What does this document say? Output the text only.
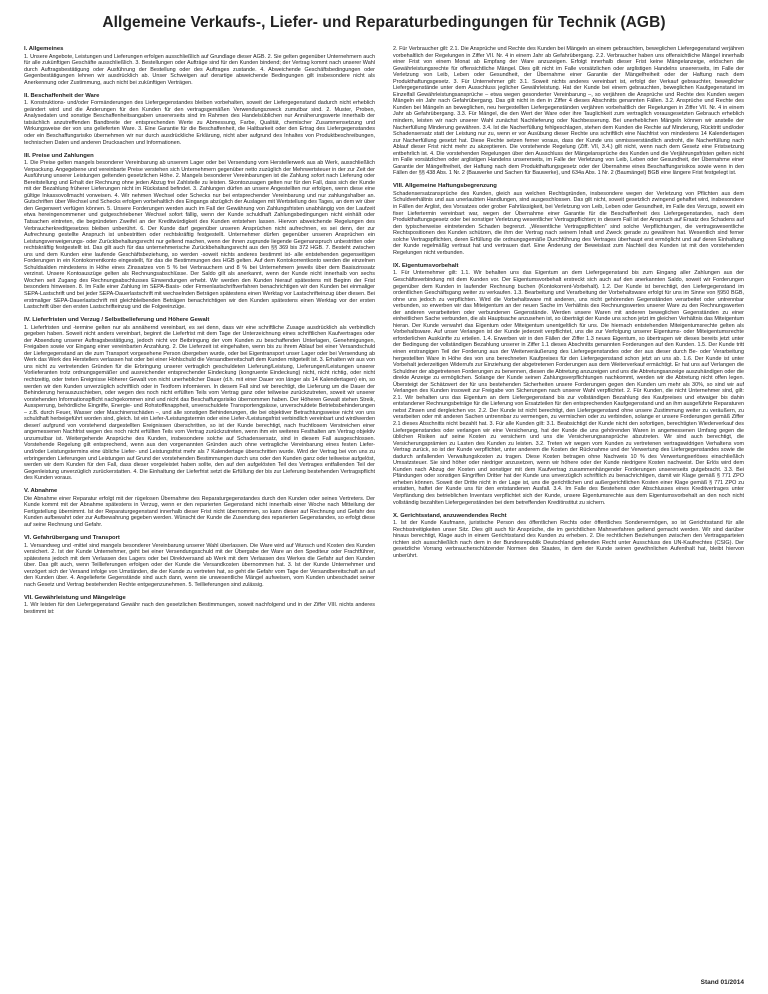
Allgemeine Verkaufs-, Liefer- und Reparaturbedingungen für Technik (AGB)
I. Allgemeines

1. Unsere Angebote, Leistungen und Lieferungen erfolgen ausschließlich auf Grundlage dieser AGB. 2. Sie gelten gegenüber Unternehmern auch für alle zukünftigen Geschäfte ausschließlich. 3. Bestellungen oder Aufträge sind für den Kunden bindend; der Vertrag kommt nach unserer Wahl durch Auftragsbestätigung oder Ausführung der Bestellung oder des Auftrages zustande. 4. Abweichende Geschäftsbedingungen oder Gegenbestätigungen lehnen wir ausdrücklich ab. Unser Schweigen auf derartige abweichende Bedingungen gilt insbesondere nicht als Anerkennung oder Zustimmung, auch nicht bei zukünftigen Verträgen.

II. Beschaffenheit der Ware

1. Konstruktions- und/oder Formänderungen des Liefergegenstandes bleiben vorbehalten, soweit der Liefergegenstand dadurch nicht erheblich geändert wird und die Änderungen für den Kunden für den vertragsgemäßen Verwendungszweck zumutbar sind. 2. Muster, Proben, Analysedaten und sonstige Beschaffenheitsangaben unsererseits sind im Rahmen des Handelsüblichen nur Annäherungswerte innerhalb der tatsächlich anzutreffenden Bandbreite der entsprechenden Werte zu Abmessung, Farbe, Qualität, chemischer Zusammensetzung und Wirkungsweise der von uns gelieferten Ware. 3. Eine Garantie für die Beschaffenheit, die Haltbarkeit oder den Ertrag des Liefergegenstandes oder ein Beschaffungsrisiko übernehmen wir nur durch ausdrückliche Erklärung, nicht aber aufgrund des Inhaltes von Produktbeschreibungen, technischen Daten und anderen Drucksachen und Informationen.

III. Preise und Zahlungen

1. Die Preise gelten mangels besonderer Vereinbarung ab unserem Lager oder bei Versendung vom Herstellerwerk aus ab Werk, ausschließlich Verpackung. Angegebene und vereinbarte Preise verstehen sich Unternehmern gegenüber netto zuzüglich der Mehrwertsteuer in der zur Zeit der Ausführung unserer Leistungen geltenden gesetzlichen Höhe. 2. Mangels besonderer Vereinbarungen ist die Zahlung sofort nach Lieferung oder Bereitstellung und Erhalt der Rechnung ohne jeden Abzug frei Zahlstelle zu leisten. Skontozusagen gelten nur für den Fall, dass sich der Kunde mit der Bezahlung früherer Lieferungen nicht im Rückstand befindet. 3. Zahlungen dürfen an unsere Angestellten nur erfolgen, wenn diese eine gültige Inkassovollmacht vorweisen. 4. Wir nehmen Wechsel oder Schecks nur bei entsprechender Vereinbarung und nur zahlungshalber an. Gutschriften über Wechsel und Schecks erfolgen vorbehaltlich des Eingangs abzüglich der Auslagen mit Wertstellung des Tages, an dem wir über den Gegenwert verfügen können. 5. Unsere Forderungen werden auch im Fall der Gewährung von Zahlungsfristen unabhängig von der Laufzeit etwa hereingenommener und gutgeschriebener Wechsel sofort fällig, wenn der Kunde schuldhaft Zahlungsbedingungen nicht einhält oder Tatsachen eintreten, die begründeten Zweifel an der Kreditwürdigkeit des Kunden entstehen lassen. Hiervon abweichende Regelungen des Verbraucherkreditgesetzes bleiben unberührt. 6. Der Kunde darf gegenüber unseren Ansprüchen nicht aufrechnen, es sei denn, der zur Aufrechnung gestellte Anspruch ist unbestritten oder rechtskräftig festgestellt. Unternehmer dürfen gegenüber unseren Ansprüchen ein Leistungsverweigerungs- oder Zurückbehaltungsrecht nur geltend machen, wenn der ihnen zugrunde liegende Gegenanspruch unbestritten oder rechtskräftig festgestellt ist. Das gilt auch für das unternehmerische Zurückbehaltungsrecht aus den §§ 369 bis 372 HGB. 7. Besteht zwischen uns und dem Kunden eine laufende Geschäftsbeziehung, so werden -soweit nichts anderes bestimmt ist- alle entstehenden gegenseitigen Forderungen in ein Kontokorrentkonto eingestellt, für das die Bestimmungen des HGB gelten. Auf dem Kontokorrentkonto werden die einzelnen Schuldsalden mindestens in Höhe eines Zinssatzes von 5 % bei Verbrauchern und 8 % bei Unternehmern jeweils über dem Basiszinssatz verzinst. Unsere Kontoauszüge gelten als Rechnungsabschlüsse. Der Saldo gilt als anerkannt, wenn der Kunde nicht innerhalb von sechs Wochen seit Zugang des Rechnungsabschlusses Einwendungen erhebt. Wir werden den Kunden hierauf spätestens mit Beginn der Frist besonders hinweisen. 8. Im Falle einer Zahlung im SEPA-Basis- oder Firmenlastschriftverfahren benachrichtigen wir den Kunden bei einmaliger SEPA-Lastschrift und bei jeder SEPA-Dauerlastschrift mit wechselnden Beträgen spätestens einen Werktag vor Lastschrifteinzug über diesen. Bei erstmaliger SEPA-Dauerlastschrift mit gleichbleibenden Beträgen benachrichtigen wir den Kunden spätestens einen Werktag vor der ersten Lastschrift über den ersten Lastschrifteinzug und die Folgeeinzüge.

IV. Lieferfristen und Verzug / Selbstbelieferung und Höhere Gewalt

1. Lieferfristen und -termine gelten nur als annähernd vereinbart, es sei denn, dass wir eine schriftliche Zusage ausdrücklich als verbindlich gegeben haben. Soweit nicht anders vereinbart, beginnt die Lieferfrist mit dem Tage der Unterzeichnung eines schriftlichen Kaufvertrages oder der Absendung unserer Auftragsbestätigung, jedoch nicht vor Beibringung der vom Kunden zu beschaffenden Unterlagen, Genehmigungen, Freigaben sowie vor Eingang einer vereinbarten Anzahlung. 2. Die Lieferzeit ist eingehalten, wenn bis zu ihrem Ablauf bei einer Versandschuld der Liefergegenstand an die zum Transport vorgesehene Person übergeben wurde, oder bei Eigentransport unser Lager oder bei Versendung ab Werk das Werk des Herstellers verlassen hat oder bei einer Hohlschuld die Versandbereitschaft dem Kunden mitgeteilt ist. 3. Erhalten wir aus von uns nicht zu vertretenden Gründen für die Erbringung unserer vertraglich geschuldeten Lieferung/Leistung, Lieferungen/Leistungen unserer Vorlieferanten trotz ordnungsgemäßer und ausreichender entsprechender Eindeckung (kongruente Eindeckung) nicht, nicht richtig, oder nicht rechtzeitig, oder treten Ereignisse Höherer Gewalt von nicht unerheblicher Dauer (d.h. mit einer Dauer von länger als 14 Kalendertagen) ein, so werden wir den Kunden unverzüglich schriftlich oder in Textform informieren. In diesem Fall sind wir berechtigt, die Lieferung um die Dauer der Behinderung herauszuschieben, oder wegen des noch nicht erfüllten Teils vom Vertrag ganz oder teilweise zurückzutreten, soweit wir unserer vorstehenden Informationspflicht nachgekommen sind und nicht das Beschaffungsrisiko übernommen haben. Der Höheren Gewalt stehen Streik, Aussperrung, behördliche Eingriffe, Energie- und Rohstoffknappheit, unverschuldete Transportengpässe, unverschuldete Betriebsbehinderungen – z.B. durch Feuer, Wasser oder Maschinenschäden –, und alle sonstigen Behinderungen, die bei objektiver Betrachtungsweise nicht von uns schuldhaft herbeigeführt worden sind, gleich. Ist ein Liefer-/Leistungstermin oder eine Liefer-/Leistungsfrist verbindlich vereinbart und wird/werden dieser/ aufgrund von vorstehend dargestellten Ereignissen überschritten, so ist der Kunde berechtigt, nach fruchtlosem Verstreichen einer angemessenen Nachfrist wegen des noch nicht erfüllten Teils vom Vertrag zurückzutreten, wenn ihm ein weiteres Festhalten am Vertrag objektiv unzumutbar ist. Weitergehende Ansprüche des Kunden, insbesondere solche auf Schadensersatz, sind in diesem Fall ausgeschlossen. Vorstehende Regelung gilt entsprechend, wenn aus den vorgenannten Gründen auch ohne vertragliche Vereinbarung eines festen Liefer- und/oder Leistungstermins eine übliche Liefer- und Leistungsfrist mehr als 7 Kalendertage überschritten wurde. Wird der Vertrag bei von uns zu erbringenden Lieferungen und Leistungen auf Grund der vorstehenden Bestimmungen durch uns oder den Kunden ganz oder teilweise aufgelöst, werden wir dem Kunden für den Fall, dass dieser vorgeleistet haben sollte, den auf den aufgelösten Teil des Vertrages entfallenden Teil der Gegenleistung unverzüglich zurückerstatten. 4. Die Einhaltung der Lieferfrist setzt die Erfüllung der bis zur Lieferung bestehenden Vertragspflicht des Kunden voraus.

V. Abnahme

Die Abnahme einer Reparatur erfolgt mit der rügelosen Übernahme des Reparaturgegenstandes durch den Kunden oder seines Vertreters. Der Kunde kommt mit der Abnahme spätestens in Verzug, wenn er den reparierten Gegenstand nicht innerhalb einer Woche nach Mitteilung der Fertigstellung übernimmt. Ist der Reparaturgegenstand innerhalb dieser Frist nicht übernommen, so kann dieser auf Rechnung und Gefahr des Kunden aufbewahrt oder zur Aufbewahrung gegeben werden. Wünscht der Kunde die Zusendung des reparierten Gegenstandes, so erfolgt diese auf seine Rechnung und Gefahr.

VI. Gefahrübergang und Transport

1. Versandweg und -mittel sind mangels besonderer Vereinbarung unserer Wahl überlassen. Die Ware wird auf Wunsch und Kosten des Kunden versichert. 2. Ist der Kunde Unternehmer, geht bei einer Versendungsschuld mit der Übergabe der Ware an den Spediteur oder Frachtführer, spätestens jedoch mit dem Verlassen des Lagers oder bei Direktversand ab Werk mit dem Verlassen des Werkes die Gefahr auf den Kunden über. Das gilt auch, wenn Teillieferungen erfolgen oder der Kunde die Versandkosten übernommen hat. 3. Ist der Kunde Unternehmer und verzögert sich der Versand infolge von Umständen, die der Kunde zu vertreten hat, so geht die Gefahr vom Tage der Versandbereitschaft an auf den Kunden über. 4. Angelieferte Gegenstände sind auch dann, wenn sie unwesentliche Mängel aufweisen, vom Kunden unbeschadet seiner nach Gesetz und Vertrag bestehenden Rechte entgegenzunehmen. 5. Teillieferungen sind zulässig.

VII. Gewährleistung und Mängelrüge

1. Wir leisten für den Liefergegenstand Gewähr nach den gesetzlichen Bestimmungen, soweit nachfolgend und in der Ziffer VIII. nichts anderes bestimmt ist:

2. Für Verbraucher gilt: 2.1. Die Ansprüche und Rechte des Kunden bei Mängeln an einem gebrauchten, beweglichen Liefergegenstand verjähren vorbehaltlich der Regelungen in Ziffer VII. Nr. 4 in einem Jahr ab Gefahrübergang. 2.2. Verbraucher haben uns offensichtliche Mängel innerhalb einer Frist von einem Monat ab Empfang der Ware anzuzeigen. Erfolgt innerhalb dieser Frist keine Mängelanzeige, erlöschen die Gewährleistungsrechte für offensichtliche Mängel. Dies gilt nicht im Falle vorsätzlichen oder arglistigen Handelns unsererseits, im Falle der Verletzung von Leib, Leben oder Gesundheit, der Übernahme einer Garantie der Mängelfreiheit oder der Haftung nach dem Produkthaftungsgesetz. 3. Für Unternehmer gilt: 3.1. Soweit nichts anderes vereinbart ist, erfolgt der Verkauf gebrauchter, beweglicher Liefergegenstände unter dem Ausschluss jeglicher Gewährleistung. Hat der Kunde bei einem gebrauchten, beweglichen Kaufgegenstand im Einzelfall Gewährleistungsansprüche – etwa wegen gesonderter Vereinbarung –, so verjähren die Ansprüche und Rechte des Kunden wegen Mängeln ein Jahr nach Gefahrübergang. Das gilt nicht in den in Ziffer 4 dieses Abschnitts genannten Fällen. 3.2. Ansprüche und Rechte des Kunden bei Mängeln an beweglichen, neu hergestellten Liefergegenständen verjähren vorbehaltlich der Regelungen in Ziffer VII. Nr. 4 in einem Jahr ab Gefahrübergang. 3.3. Für Mängel, die den Wert der Ware oder ihre Tauglichkeit zum vertraglich vorausgesetzten Gebrauch erheblich mindern, leisten wir nach unserer Wahl zunächst Nachlieferung oder Nachbesserung. Bei unerheblichen Mängeln können wir anstelle der Nacherfüllung Minderung gewähren. 3.4. Ist die Nacherfüllung fehlgeschlagen, stehen dem Kunden die Rechte auf Minderung, Rücktritt und/oder Schadensersatz statt der Leistung nur zu, wenn er vor Ausübung dieser Rechte uns schriftlich eine Nachfrist von mindestens 14 Kalendertagen zur Nacherfüllung gesetzt hat. Diese Rechte setzen ferner voraus, dass der Kunde uns unmissverständlich androht, die Nacherfüllung nach Ablauf dieser Frist nicht mehr zu akzeptieren. Die vorstehende Regelung (Ziff. VII, 3.4.) gilt nicht, wenn nach dem Gesetz eine Fristsetzung entbehrlich ist. 4. Die vorstehenden Regelungen über den Ausschluss der Mängelansprüche des Kunden und die Verjährungsfristen gelten nicht im Falle vorsätzlichen oder arglistigen Handelns unsererseits, im Falle der Verletzung von Leib, Leben oder Gesundheit, der Übernahme einer Garantie der Mängelfreiheit, der Haftung nach dem Produkthaftungsgesetz oder der Übernahme eines Beschaffungsrisikos sowie wenn in den Fällen der §§ 438 Abs. 1 Nr. 2 (Bauwerke und Sachen für Bauwerke), und 634a Abs. 1 Nr. 2 (Baumängel) BGB eine längere Frist festgelegt ist.

VIII. Allgemeine Haftungsbegrenzung

Schadensersatzansprüche des Kunden, gleich aus welchen Rechtsgründen, insbesondere wegen der Verletzung von Pflichten aus dem Schuldverhältnis und aus unerlaubten Handlungen, sind ausgeschlossen. Das gilt nicht, soweit gesetzlich zwingend gehaftet wird, insbesondere in Fällen der Arglist, des Vorsatzes oder grober Fahrlässigkeit, bei Verletzung von Leib, Leben oder Gesundheit, im Falle des Verzugs, soweit ein fixer Liefertermin vereinbart war, wegen der Übernahme einer Garantie für die Beschaffenheit des Liefergegenstandes, nach dem Produkthaftungsgesetz oder bei sonstiger Verletzung wesentlicher Vertragspflichten; in diesem Fall ist der Anspruch auf Ersatz des Schadens auf den typischerweise eintretenden Schaden begrenzt. „Wesentliche Vertragspflichten“ sind solche Verpflichtungen, die vertragswesentliche Rechtspositionen des Kunden schützen, die ihm der Vertrag nach seinem Inhalt und Zweck gerade zu gewähren hat. Wesentlich sind ferner solche Vertragspflichten, deren Erfüllung die ordnungsgemäße Durchführung des Vertrages überhaupt erst ermöglicht und auf deren Einhaltung der Kunde regelmäßig vertraut hat und vertrauen darf. Eine Änderung der Beweislast zum Nachteil des Kunden ist mit den vorstehenden Regelungen nicht verbunden.

IX. Eigentumsvorbehalt

1. Für Unternehmer gilt: 1.1. Wir behalten uns das Eigentum an dem Liefergegenstand bis zum Eingang aller Zahlungen aus der Geschäftsverbindung mit dem Kunden vor. Der Eigentumsvorbehalt erstreckt sich auch auf den anerkannten Saldo, soweit wir Forderungen gegenüber dem Kunden in laufender Rechnung buchen (Kontokorrent-Vorbehalt). 1.2. Der Kunde ist berechtigt, den Liefergegenstand im ordentlichen Geschäftsgang weiter zu verkaufen. 1.3. Bearbeitung und Verarbeitung der Vorbehaltsware erfolgt für uns im Sinne von §950 BGB, ohne uns jedoch zu verpflichten. Wird die Vorbehaltsware mit anderen, uns nicht gehörenden Gegenständen verarbeitet oder untrennbar verbunden, so erwerben wir das Miteigentum an der neuen Sache im Verhältnis des Rechnungswertes unserer Ware zu den Rechnungswerten der anderen verarbeiteten oder verbundenen Gegenstände. Werden unsere Waren mit anderen beweglichen Gegenständen zu einer einheitlichen Sache verbunden, die als Hauptsache anzusehen ist, so überträgt der Kunde uns schon jetzt im gleichen Verhältnis das Miteigentum hieran. Der Kunde verwahrt das Eigentum oder Miteigentum unentgeltlich für uns. Die hiernach entstehenden Miteigentumsrechte gelten als Vorbehaltsware. Auf unser Verlangen ist der Kunde jederzeit verpflichtet, uns die zur Verfolgung unserer Eigentums- oder Miteigentumsrechte erforderlichen Auskünfte zu erteilen. 1.4. Erwerben wir in den Fällen der Ziffer 1.3 neues Eigentum, so übertragen wir dieses bereits jetzt unter der Bedingung der vollständigen Bezahlung unserer in Ziffer 1.1 dieses Abschnitts genannten Forderungen auf den Kunden. 1.5. Der Kunde tritt einen erstrangigen Teil der Forderung aus der Weiterveräußerung des Liefergegenstandes oder der aus dieser durch Be- oder Verarbeitung hergestellten Ware in Höhe des von uns berechneten Kaufpreises für den Liefergegenstand schon jetzt an uns ab. 1.6. Der Kunde ist unter Vorbehalt jederzeitigen Widerrufs zur Einziehung der abgetretenen Forderungen aus dem Weiterverkauf ermächtigt. Er hat uns auf Verlangen die Schuldner der abgetretenen Forderungen zu benennen, diesen die Abtretung anzuzeigen und uns die Abtretungsanzeige auszuhändigen oder die direkte Anzeige zu ermöglichen. Solange der Kunde seinen Zahlungsverpflichtungen nachkommt, werden wir die Abtretung nicht offen legen. Übersteigt der Schätzwert der für uns bestehenden Sicherheiten unsere Forderungen gegen den Kunden um mehr als 30%, so sind wir auf Verlangen des Kunden insoweit zur Freigabe von Sicherungen nach unserer Wahl verpflichtet. 2. Für Kunden, die nicht Unternehmer sind, gilt: 2.1. Wir behalten uns das Eigentum an dem Liefergegenstand bis zur vollständigen Bezahlung des Kaufpreises und etwaiger bis dahin entstandener Rechnungsbeträge für die Lieferung von Ersatzteilen für den entsprechenden Kaufgegenstand und an ihm ausgeführte Reparaturen nebst Zinsen und dergleichen vor. 2.2. Der Kunde ist nicht berechtigt, den Liefergegenstand ohne unsere Zustimmung weiter zu veräußern, zu verarbeiten oder mit anderen Sachen untrennbar zu vermengen, zu vermischen oder zu verbinden, solange er unsere Forderungen gemäß Ziffer 2.1 dieses Abschnitts nicht bezahlt hat. 3. Für alle Kunden gilt: 3.1. Beabsichtigt der Kunde nicht den sofortigen, berechtigten Wiederverkauf des Liefergegenstandes oder verlangen wir eine Versicherung, hat der Kunde die uns gehörenden Waren in angemessenen Umfang gegen die üblichen Risiken auf seine Kosten zu versichern und uns die Versicherungsansprüche abzutreten. Wir sind auch berechtigt, die Versicherungsprämien zu Lasten des Kunden zu leisten. 3.2. Treten wir wegen vom Kunden zu vertretenen vertragswidrigen Verhaltens vom Vertrag zurück, so ist der Kunde verpflichtet, unter anderem die Kosten der Rücknahme und der Verwertung des Liefergegenstandes sowie die dadurch anfallenden Verwaltungskosten zu tragen. Diese Kosten betragen ohne Nachweis 10 % des Verwertungserlöses einschließlich Umsatzsteuer. Sie sind höher oder niedriger anzusetzen, wenn wir höhere oder der Kunde niedrigere Kosten nachweist. Der Erlös wird dem Kunden nach Abzug der Kosten und sonstiger mit dem Kaufvertrag zusammenhängender Forderungen unsererseits gutgebracht. 3.3. Bei Pfändungen oder sonstigen Eingriffen Dritter hat der Kunde uns unverzüglich schriftlich zu benachrichtigen, damit wir Klage gemäß § 771 ZPO erheben können. Soweit der Dritte nicht in der Lage ist, uns die gerichtlichen und außergerichtlichen Kosten einer Klage gemäß § 771 ZPO zu erstatten, haftet der Kunde uns für den entstandenen Ausfall. 3.4. Im Falle des Bestehens oder Abschlusses eines Kreditvertrages unter Verpfändung des betrieblichen Inventars verpflichtet sich der Kunde, unsere Eigentumsrechte aus dem Eigentumsvorbehalt an den noch nicht vollständig bezahlten Liefergegenständen bei dem betreffenden Kreditinstitut zu sichern.

X. Gerichtsstand, anzuwendendes Recht

1. Ist der Kunde Kaufmann, juristische Person des öffentlichen Rechts oder öffentliches Sondervermögen, so ist Gerichtsstand für alle Rechtsstreitigkeiten unser Sitz. Dies gilt auch für Ansprüche, die im gerichtlichen Mahnverfahren geltend gemacht werden. Wir sind darüber hinaus berechtigt, Klage auch in einem Gerichtsstand des Kunden zu erheben. 2. Die rechtlichen Beziehungen zwischen den Vertragsparteien richten sich ausschließlich nach dem in der Bundesrepublik Deutschland geltenden Recht unter Ausschluss des UN-Kaufrechtes (CSIG). Der gesetzliche Vorrang verbraucherschützender Normen des Staates, in dem der Kunde seinen gewöhnlichen Aufenthalt hat, bleibt hiervon unberührt.

Stand 01/2014
